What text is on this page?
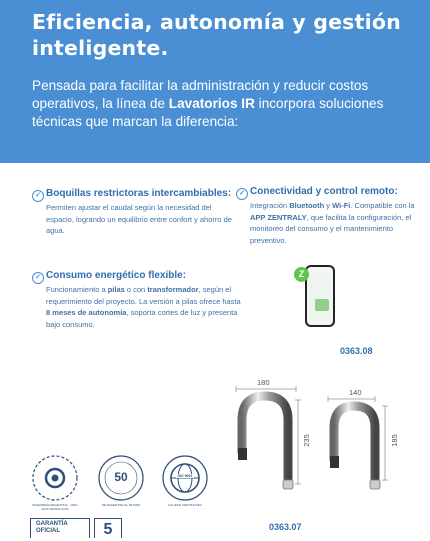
Eficiencia, autonomía y gestión inteligente.

Pensada para facilitar la administración y reducir costos operativos, la línea de Lavatorios IR incorpora soluciones técnicas que marcan la diferencia:

✓ Boquillas restrictoras intercambiables:
Permiten ajustar el caudal según la necesidad del espacio, logrando un equilibrio entre confort y ahorro de agua.
✓ Conectividad y control remoto:
Integración Bluetooth y Wi-Fi. Compatible con la APP ZENTRALY, que facilita la configuración, el monitoreo del consumo y el mantenimiento preventivo.
✓ Consumo energético flexible:
Funcionamiento a pilas o con transformador, según el requerimiento del proyecto. La versión a pilas ofrece hasta 8 meses de autonomía, soporta cortes de luz y presenta bajo consumo.
Z
0363.08
0363.07
180
140
235	185
50	ISO 9001
INGENIERÍA ARGENTINA · 100% ALTA TECNOLOGÍA
DE ARGENTINA AL MUNDO	CALIDAD CERTIFICADA
GARANTÍA OFICIAL	5
